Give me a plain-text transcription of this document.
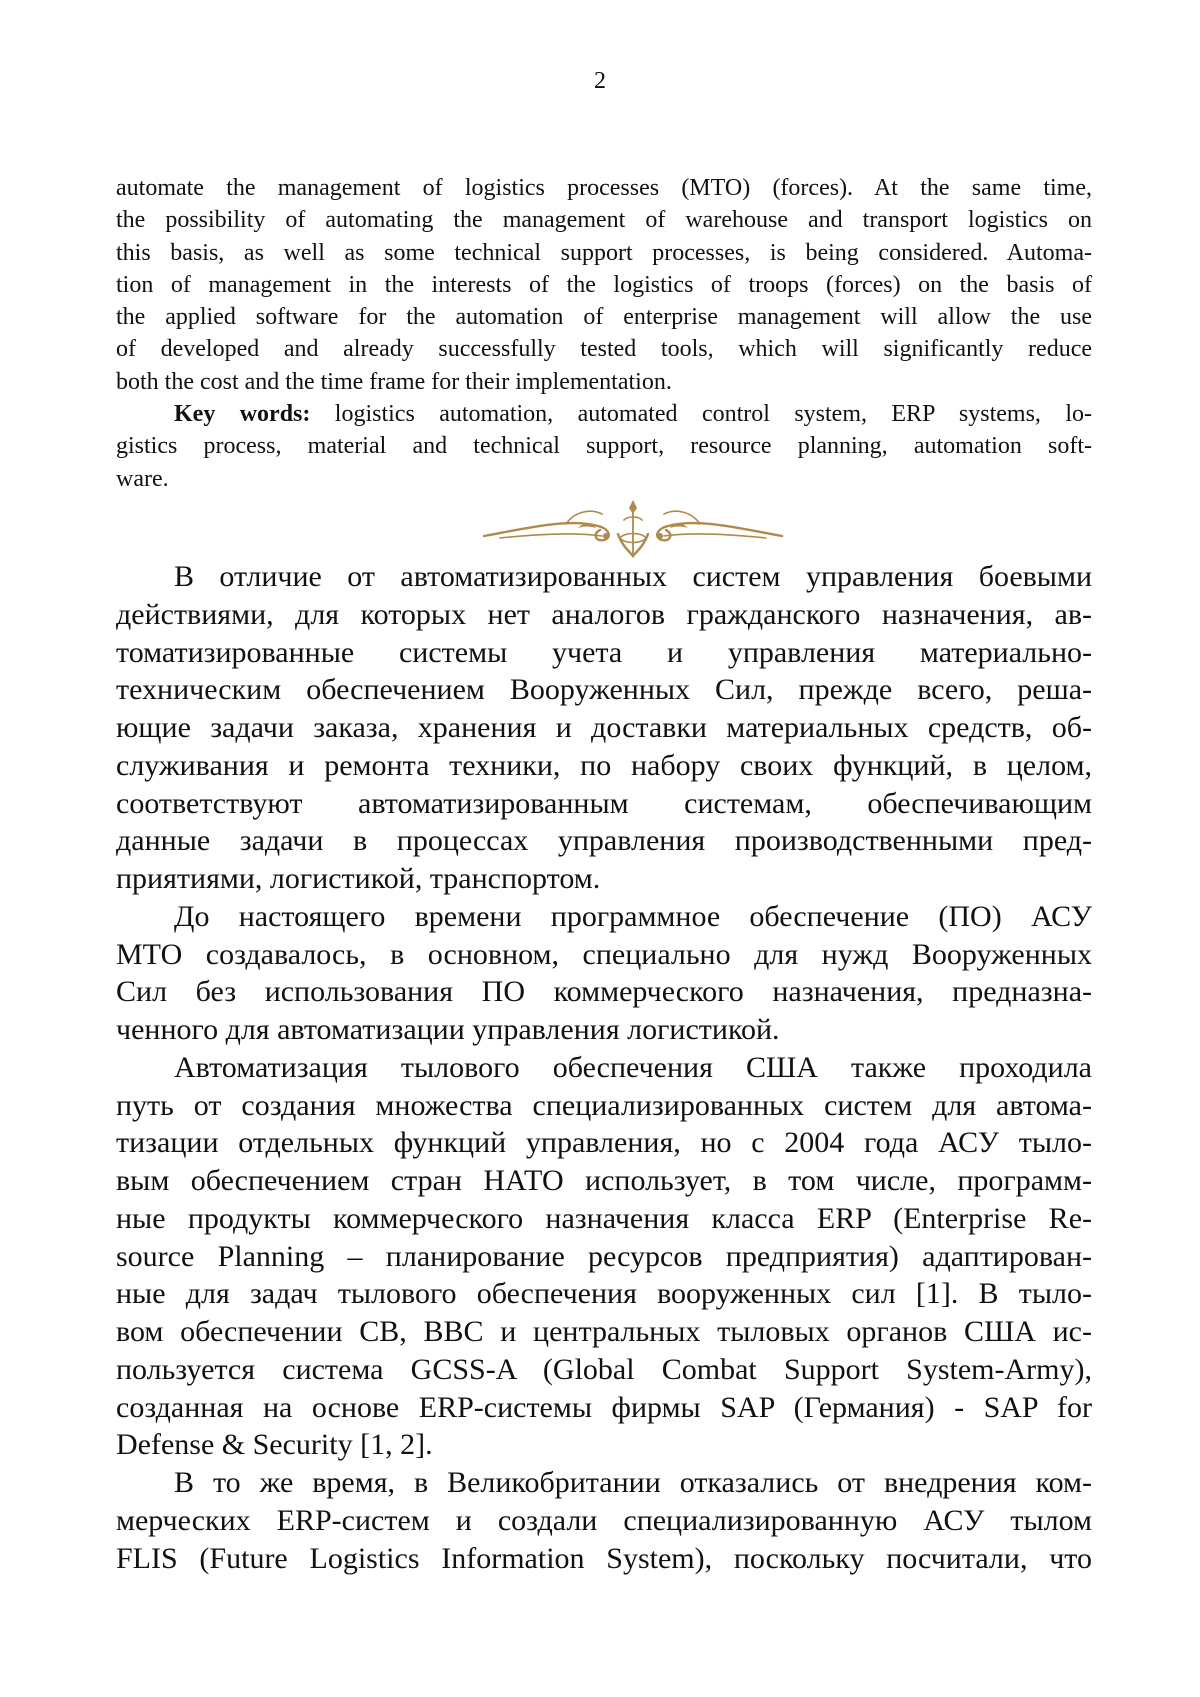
2
automate the management of logistics processes (MTO) (forces). At the same time,
the possibility of automating the management of warehouse and transport logistics on
this basis, as well as some technical support processes, is being considered. Automa-
tion of management in the interests of the logistics of troops (forces) on the basis of
the applied software for the automation of enterprise management will allow the use
of developed and already successfully tested tools, which will significantly reduce
both the cost and the time frame for their implementation.
Key words: logistics automation, automated control system, ERP systems, lo-
gistics process, material and technical support, resource planning, automation soft-
ware.
В отличие от автоматизированных систем управления боевыми
действиями, для которых нет аналогов гражданского назначения, ав-
томатизированные системы учета и управления материально-
техническим обеспечением Вооруженных Сил, прежде всего, реша-
ющие задачи заказа, хранения и доставки материальных средств, об-
служивания и ремонта техники, по набору своих функций, в целом,
соответствуют автоматизированным системам, обеспечивающим
данные задачи в процессах управления производственными пред-
приятиями, логистикой, транспортом.
До настоящего времени программное обеспечение (ПО) АСУ
МТО создавалось, в основном, специально для нужд Вооруженных
Сил без использования ПО коммерческого назначения, предназна-
ченного для автоматизации управления логистикой.
Автоматизация тылового обеспечения США также проходила
путь от создания множества специализированных систем для автома-
тизации отдельных функций управления, но с 2004 года АСУ тыло-
вым обеспечением стран НАТО использует, в том числе, программ-
ные продукты коммерческого назначения класса ERP (Enterprise Re-
source Planning – планирование ресурсов предприятия) адаптирован-
ные для задач тылового обеспечения вооруженных сил [1]. В тыло-
вом обеспечении СВ, ВВС и центральных тыловых органов США ис-
пользуется система GCSS-A (Global Combat Support System-Army),
созданная на основе ERP-системы фирмы SAP (Германия) - SAP for
Defense & Security [1, 2].
В то же время, в Великобритании отказались от внедрения ком-
мерческих ERP-систем и создали специализированную АСУ тылом
FLIS (Future Logistics Information System), поскольку посчитали, что
